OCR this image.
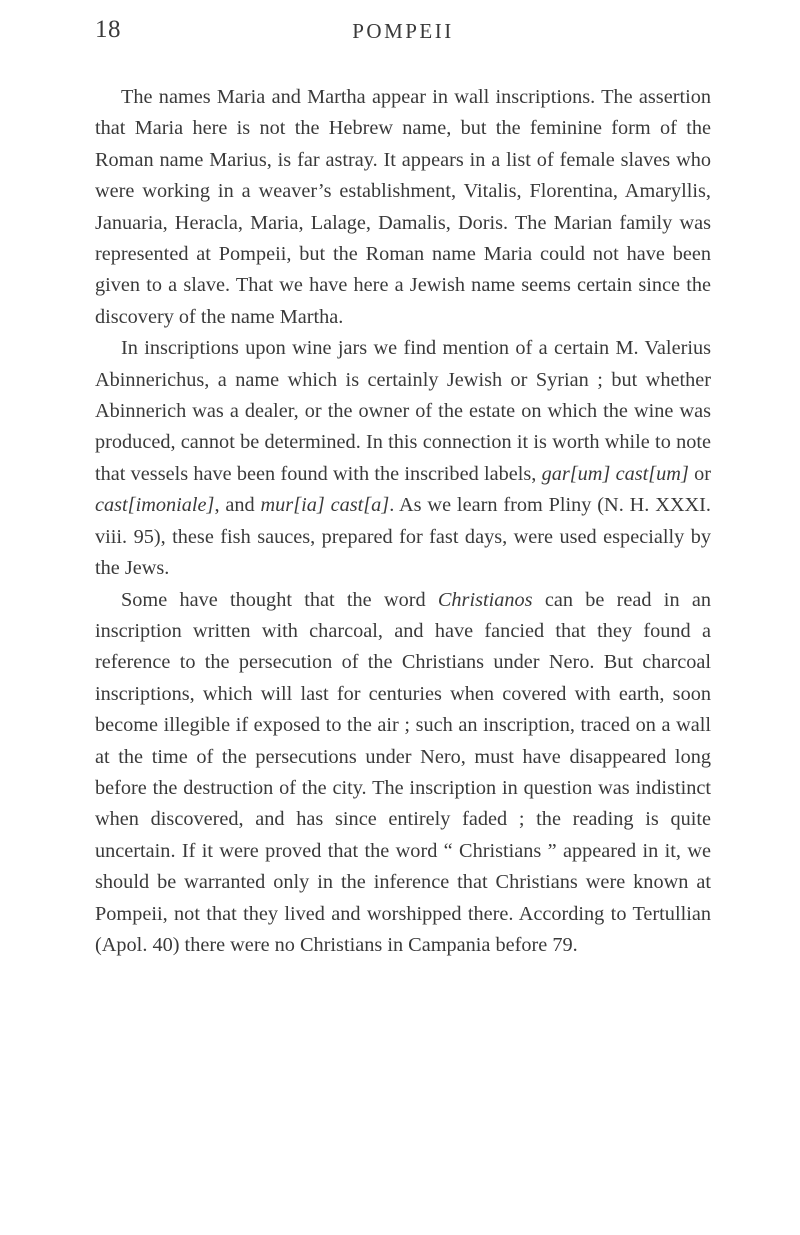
18	POMPEII

The names Maria and Martha appear in wall inscriptions. The assertion that Maria here is not the Hebrew name, but the feminine form of the Roman name Marius, is far astray. It appears in a list of female slaves who were working in a weaver’s establishment, Vitalis, Florentina, Amaryllis, Januaria, Heracla, Maria, Lalage, Damalis, Doris. The Marian family was represented at Pompeii, but the Roman name Maria could not have been given to a slave. That we have here a Jewish name seems certain since the discovery of the name Martha.

In inscriptions upon wine jars we find mention of a certain M. Valerius Abinnerichus, a name which is certainly Jewish or Syrian ; but whether Abinnerich was a dealer, or the owner of the estate on which the wine was produced, cannot be determined. In this connection it is worth while to note that vessels have been found with the inscribed labels, gar[um] cast[um] or cast[imoniale], and mur[ia] cast[a]. As we learn from Pliny (N. H. XXXI. viii. 95), these fish sauces, prepared for fast days, were used especially by the Jews.

Some have thought that the word Christianos can be read in an inscription written with charcoal, and have fancied that they found a reference to the persecution of the Christians under Nero. But charcoal inscriptions, which will last for centuries when covered with earth, soon become illegible if exposed to the air ; such an inscription, traced on a wall at the time of the persecutions under Nero, must have disappeared long before the destruction of the city. The inscription in question was indistinct when discovered, and has since entirely faded ; the reading is quite uncertain. If it were proved that the word “ Christians ” appeared in it, we should be warranted only in the inference that Christians were known at Pompeii, not that they lived and worshipped there. According to Tertullian (Apol. 40) there were no Christians in Campania before 79.
